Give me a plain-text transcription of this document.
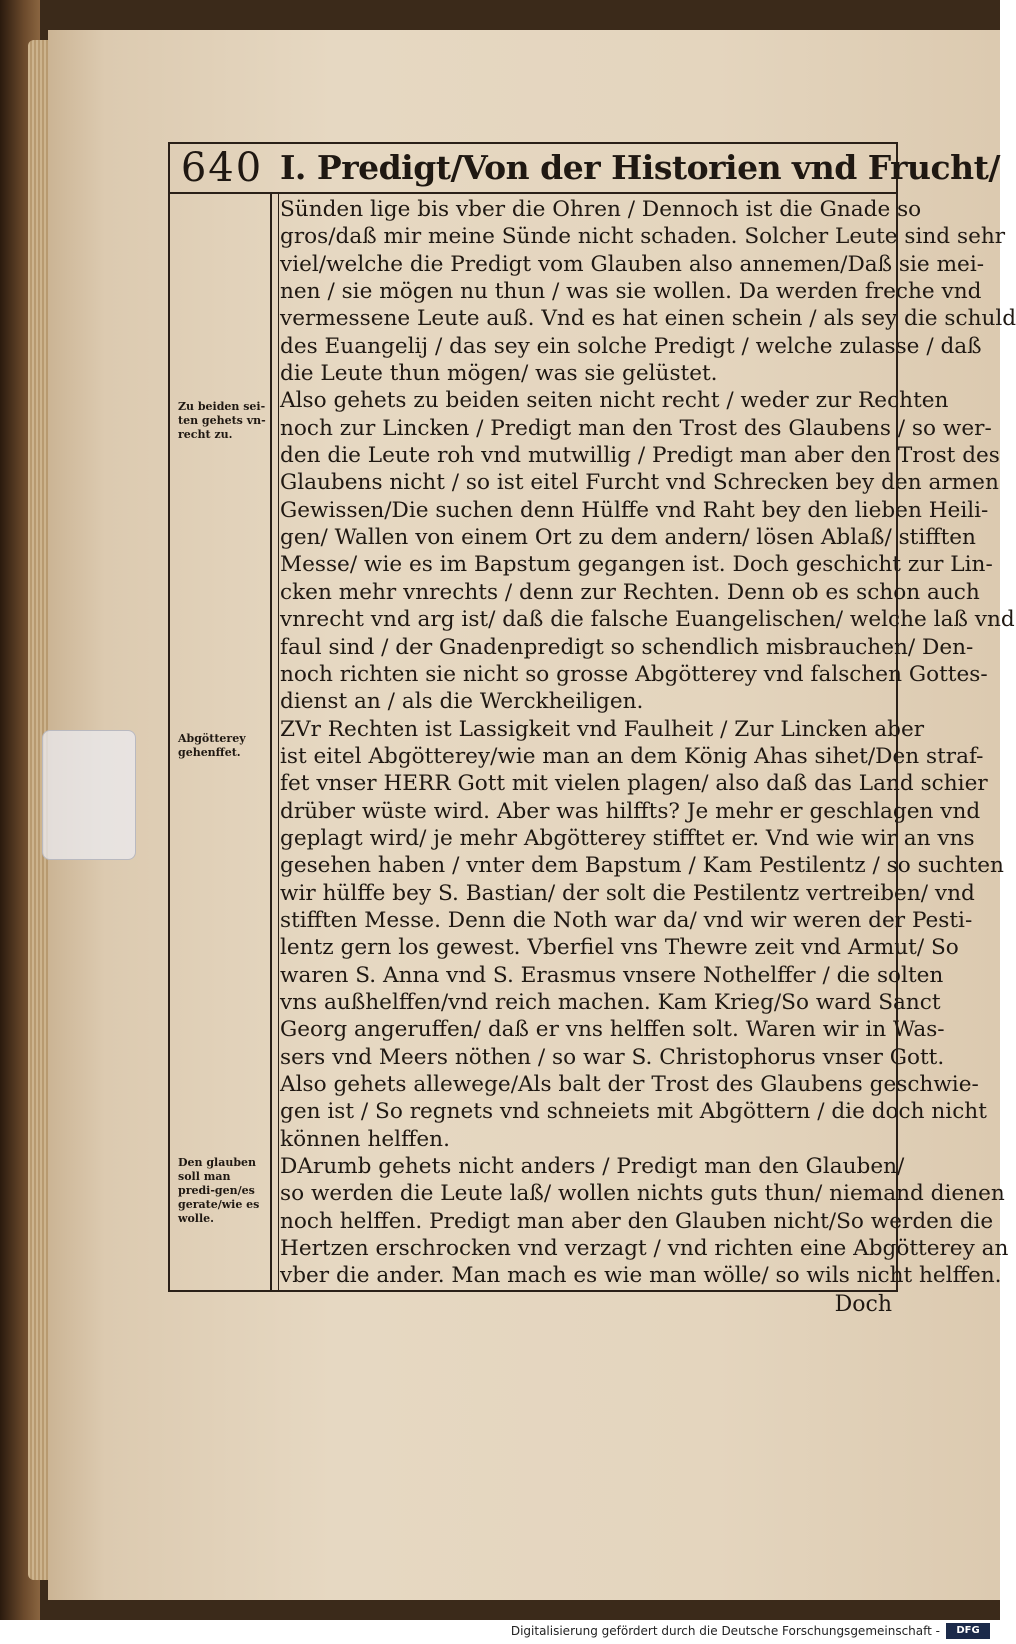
640 I. Predigt/Von der Historien vnd Frucht/
Zu beiden sei-ten gehets vn-recht zu.
Abgötterey gehenffet.
Den glauben soll man predi-gen/es gerate/wie es wolle.
Sünden lige bis vber die Ohren / Dennoch ist die Gnade so
gros/daß mir meine Sünde nicht schaden. Solcher Leute sind sehr
viel/welche die Predigt vom Glauben also annemen/Daß sie mei-
nen / sie mögen nu thun / was sie wollen. Da werden freche vnd
vermessene Leute auß. Vnd es hat einen schein / als sey die schuld
des Euangelij / das sey ein solche Predigt / welche zulasse / daß
die Leute thun mögen/ was sie gelüstet.
Also gehets zu beiden seiten nicht recht / weder zur Rechten
noch zur Lincken / Predigt man den Trost des Glaubens / so wer-
den die Leute roh vnd mutwillig / Predigt man aber den Trost des
Glaubens nicht / so ist eitel Furcht vnd Schrecken bey den armen
Gewissen/Die suchen denn Hülffe vnd Raht bey den lieben Heili-
gen/ Wallen von einem Ort zu dem andern/ lösen Ablaß/ stifften
Messe/ wie es im Bapstum gegangen ist. Doch geschicht zur Lin-
cken mehr vnrechts / denn zur Rechten. Denn ob es schon auch
vnrecht vnd arg ist/ daß die falsche Euangelischen/ welche laß vnd
faul sind / der Gnadenpredigt so schendlich misbrauchen/ Den-
noch richten sie nicht so grosse Abgötterey vnd falschen Gottes-
dienst an / als die Werckheiligen.
ZVr Rechten ist Lassigkeit vnd Faulheit / Zur Lincken aber
ist eitel Abgötterey/wie man an dem König Ahas sihet/Den straf-
fet vnser HERR Gott mit vielen plagen/ also daß das Land schier
drüber wüste wird. Aber was hilffts? Je mehr er geschlagen vnd
geplagt wird/ je mehr Abgötterey stifftet er. Vnd wie wir an vns
gesehen haben / vnter dem Bapstum / Kam Pestilentz / so suchten
wir hülffe bey S. Bastian/ der solt die Pestilentz vertreiben/ vnd
stifften Messe. Denn die Noth war da/ vnd wir weren der Pesti-
lentz gern los gewest. Vberfiel vns Thewre zeit vnd Armut/ So
waren S. Anna vnd S. Erasmus vnsere Nothelffer / die solten
vns außhelffen/vnd reich machen. Kam Krieg/So ward Sanct
Georg angeruffen/ daß er vns helffen solt. Waren wir in Was-
sers vnd Meers nöthen / so war S. Christophorus vnser Gott.
Also gehets allewege/Als balt der Trost des Glaubens geschwie-
gen ist / So regnets vnd schneiets mit Abgöttern / die doch nicht
können helffen.
DArumb gehets nicht anders / Predigt man den Glauben/
so werden die Leute laß/ wollen nichts guts thun/ niemand dienen
noch helffen. Predigt man aber den Glauben nicht/So werden die
Hertzen erschrocken vnd verzagt / vnd richten eine Abgötterey an
vber die ander. Man mach es wie man wölle/ so wils nicht helffen.
Doch
Digitalisierung gefördert durch die Deutsche Forschungsgemeinschaft -	DFG
